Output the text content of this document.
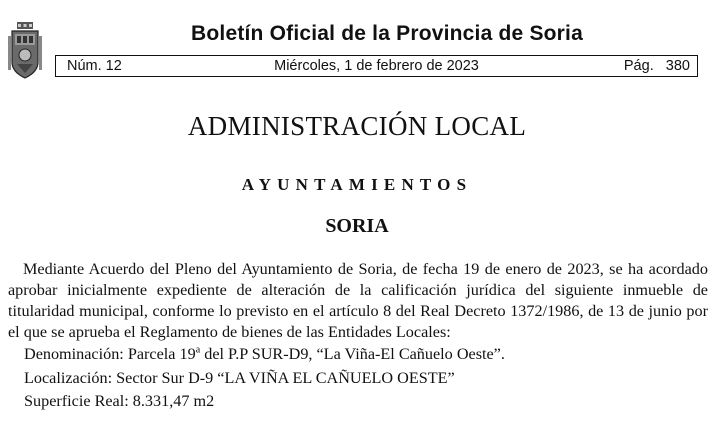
Boletín Oficial de la Provincia de Soria
Miércoles, 1 de febrero de 2023
Núm. 12	Pág.   380
ADMINISTRACIÓN LOCAL
AYUNTAMIENTOS
SORIA

Mediante Acuerdo del Pleno del Ayuntamiento de Soria, de fecha 19 de enero de 2023, se ha acordado aprobar inicialmente expediente de alteración de la calificación jurídica del siguiente inmueble de titularidad municipal, conforme lo previsto en el artículo 8 del Real Decreto 1372/1986, de 13 de junio por el que se aprueba el Reglamento de bienes de las Entidades Locales:

Denominación: Parcela 19$^a$ del P.P SUR-D9, “La Viña-El Cañuelo Oeste”.

Localización: Sector Sur D-9 “LA VIÑA EL CAÑUELO OESTE”

Superficie Real: 8.331,47 m2
